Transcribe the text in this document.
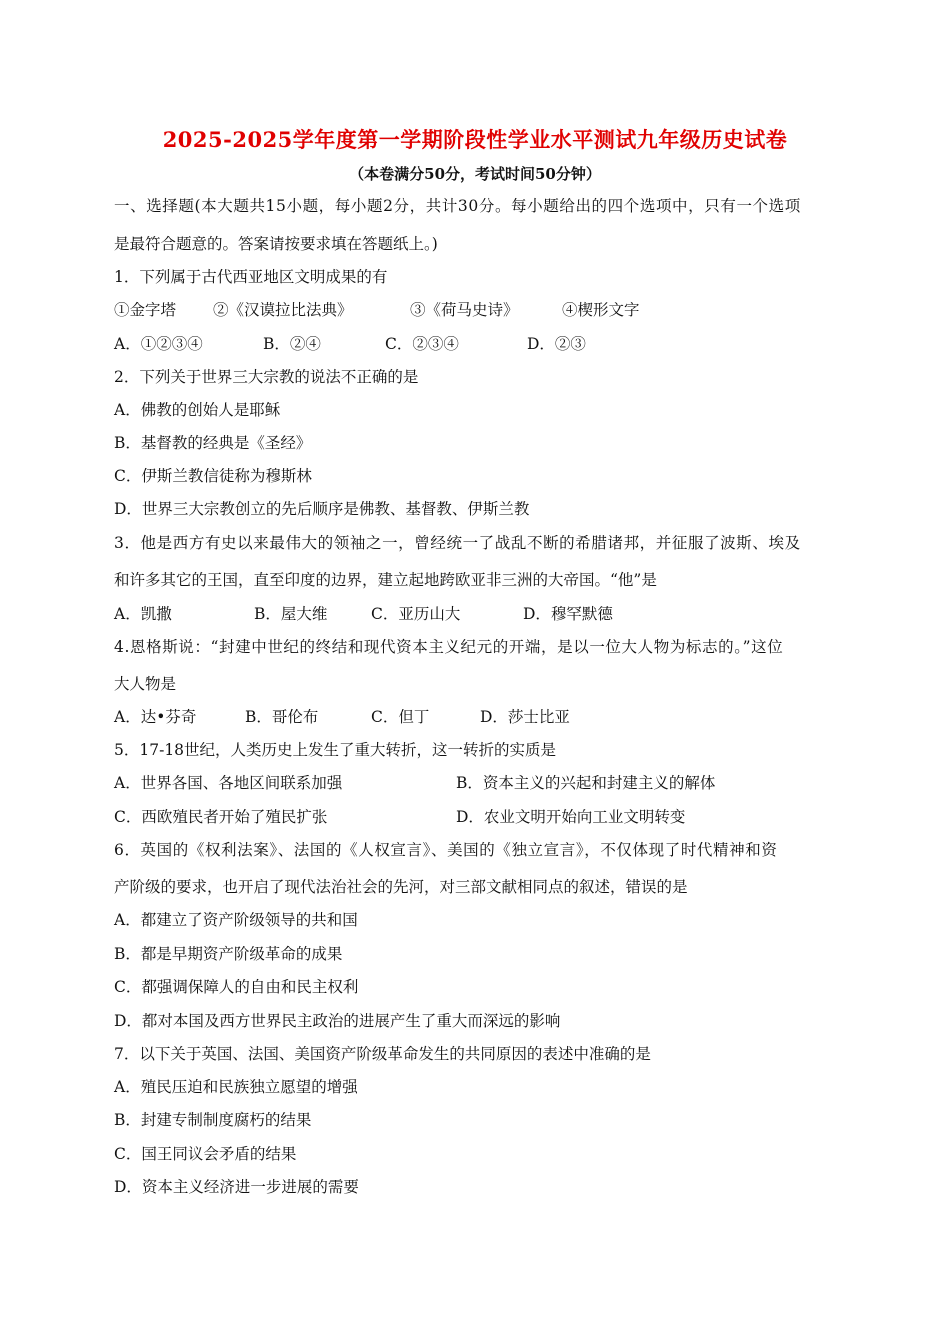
2025-2025学年度第一学期阶段性学业水平测试九年级历史试卷
（本卷满分50分，考试时间50分钟）
一、选择题(本大题共15小题，每小题2分，共计30分。每小题给出的四个选项中，只有一个选项
是最符合题意的。答案请按要求填在答题纸上。)
1．下列属于古代西亚地区文明成果的有
①金字塔 ②《汉谟拉比法典》	③《荷马史诗》	④楔形文字
A．①②③④	B．②④	C．②③④	D．②③
2．下列关于世界三大宗教的说法不正确的是
A．佛教的创始人是耶稣
B．基督教的经典是《圣经》
C．伊斯兰教信徒称为穆斯林
D．世界三大宗教创立的先后顺序是佛教、基督教、伊斯兰教
3．他是西方有史以来最伟大的领袖之一，曾经统一了战乱不断的希腊诸邦，并征服了波斯、埃及
和许多其它的王国，直至印度的边界，建立起地跨欧亚非三洲的大帝国。“他”是
A．凯撒	B．屋大维	C．亚历山大	D．穆罕默德
4.恩格斯说：“封建中世纪的终结和现代资本主义纪元的开端，是以一位大人物为标志的。”这位
大人物是
A．达•芬奇	B．哥伦布	C．但丁	D．莎士比亚
5．17-18世纪，人类历史上发生了重大转折，这一转折的实质是
A．世界各国、各地区间联系加强	B．资本主义的兴起和封建主义的解体
C．西欧殖民者开始了殖民扩张	D．农业文明开始向工业文明转变
6．英国的《权利法案》、法国的《人权宣言》、美国的《独立宣言》，不仅体现了时代精神和资
产阶级的要求，也开启了现代法治社会的先河，对三部文献相同点的叙述，错误的是
A．都建立了资产阶级领导的共和国
B．都是早期资产阶级革命的成果
C．都强调保障人的自由和民主权利
D．都对本国及西方世界民主政治的进展产生了重大而深远的影响
7．以下关于英国、法国、美国资产阶级革命发生的共同原因的表述中准确的是
A．殖民压迫和民族独立愿望的增强
B．封建专制制度腐朽的结果
C．国王同议会矛盾的结果
D．资本主义经济进一步进展的需要
